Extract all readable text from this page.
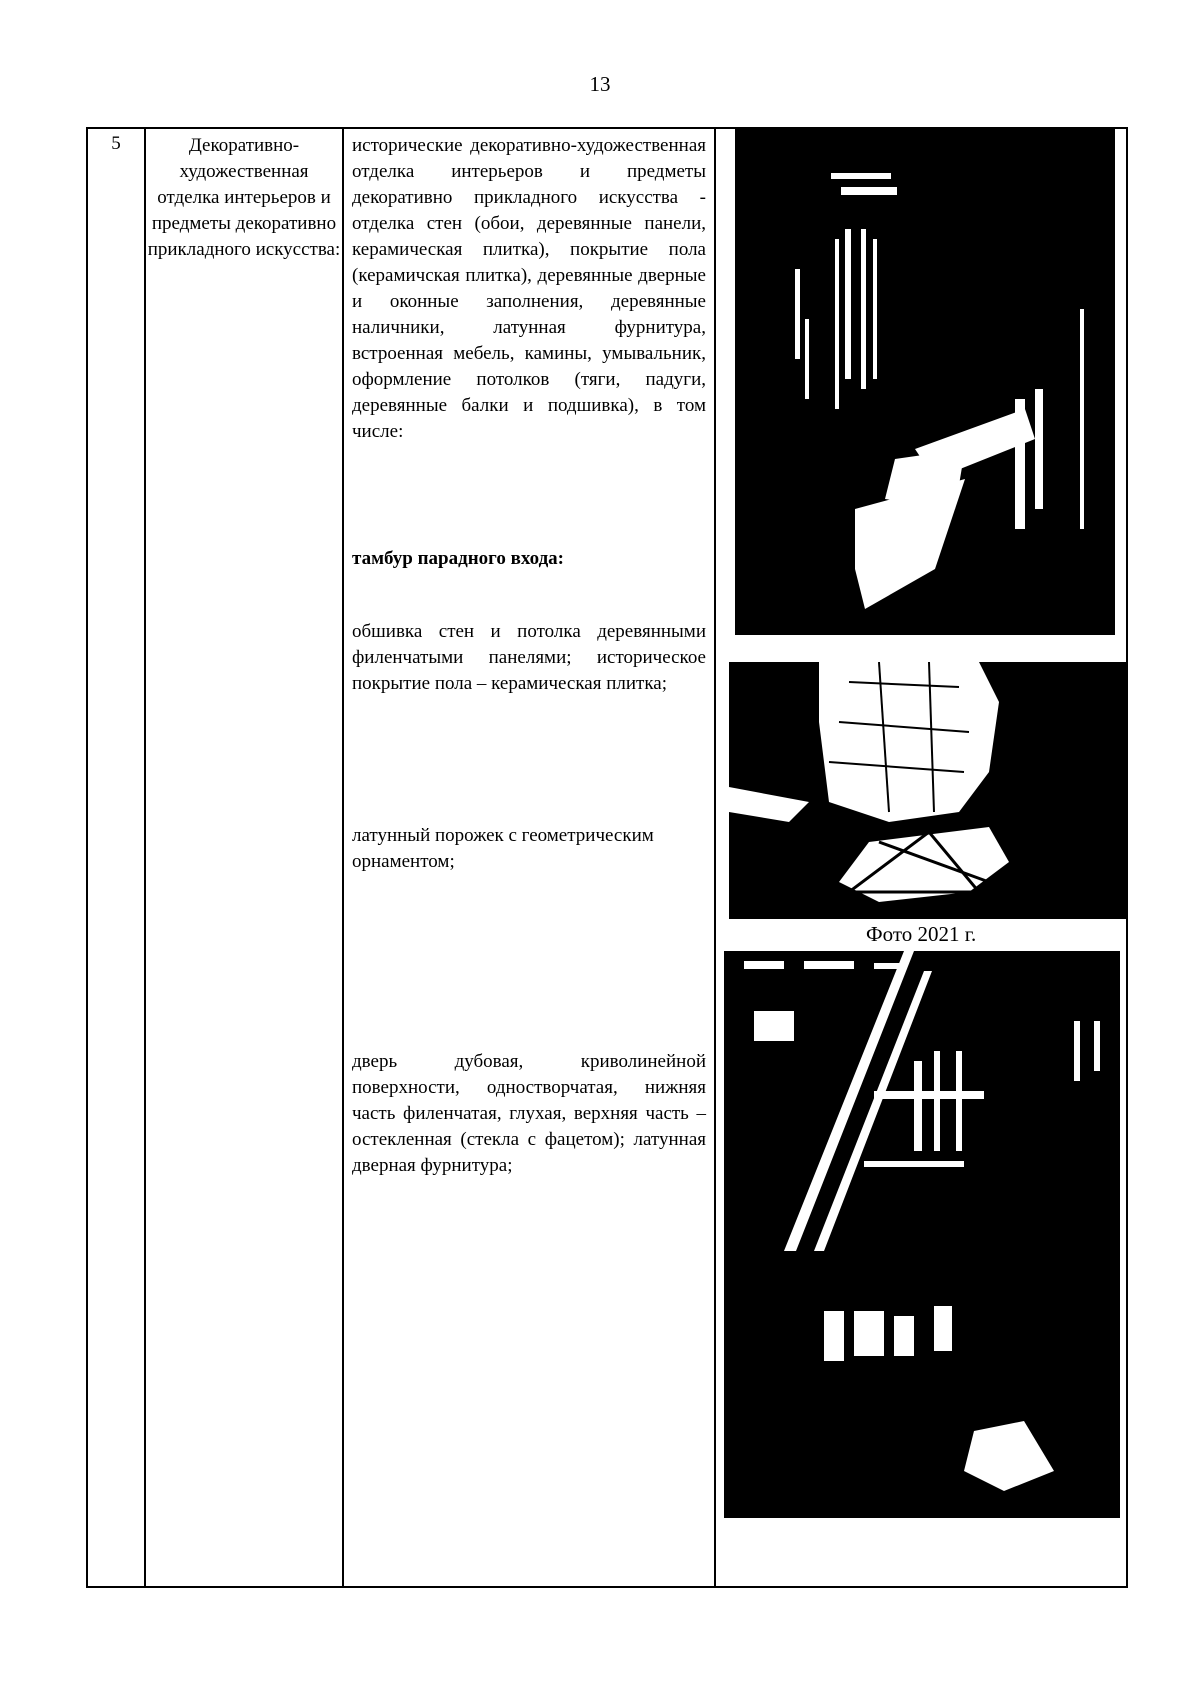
13
5	Декоративно-художественная отделка интерьеров и предметы декоративно прикладного искусства:
исторические декоративно-художественная отделка интерьеров и предметы декоративно прикладного искусства - отделка стен (обои, деревянные панели, керамическая плитка), покрытие пола (керамичская плитка), деревянные дверные и оконные заполнения, деревянные наличники, латунная фурнитура, встроенная мебель, камины, умывальник, оформление потолков (тяги, падуги, деревянные балки и подшивка), в том числе:
тамбур парадного входа:
обшивка стен и потолка деревянными филенчатыми панелями; историческое покрытие пола – керамическая плитка;
латунный порожек с геометрическим орнаментом;
дверь дубовая, криволинейной поверхности, одностворчатая, нижняя часть филенчатая, глухая, верхняя часть – остекленная (стекла с фацетом); латунная дверная фурнитура;
Фото 2021 г.
